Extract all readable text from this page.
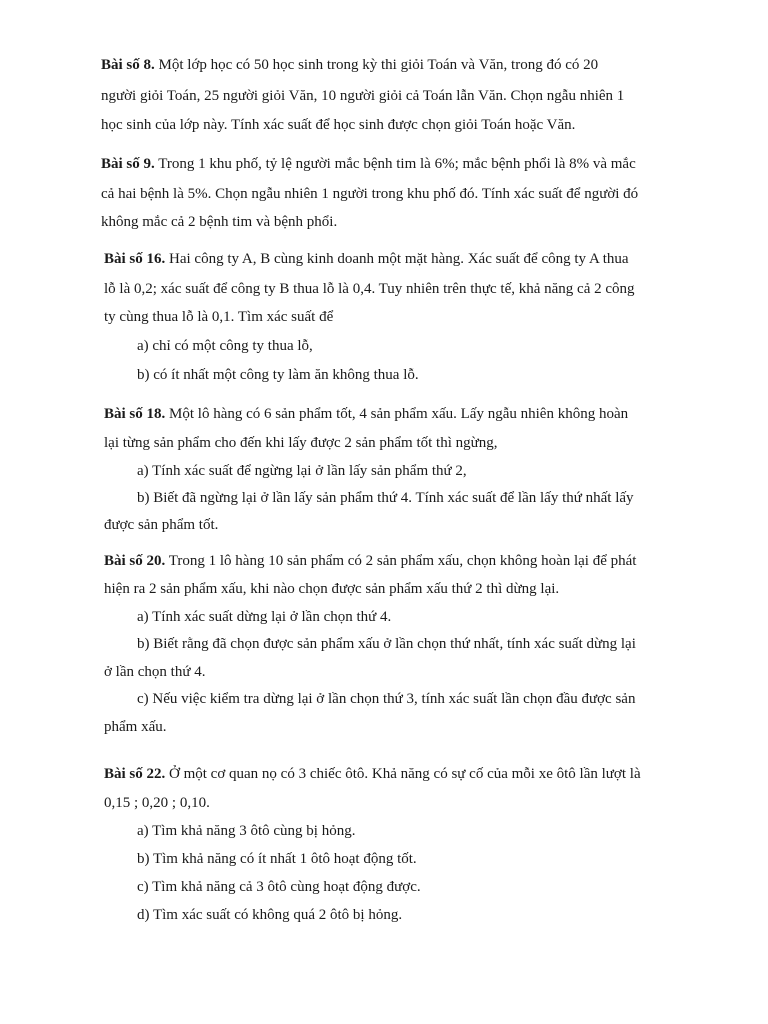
Bài số 8. Một lớp học có 50 học sinh trong kỳ thi giỏi Toán và Văn, trong đó có 20
người giỏi Toán, 25 người giỏi Văn, 10 người giỏi cả Toán lẫn Văn. Chọn ngẫu nhiên 1
học sinh của lớp này. Tính xác suất để học sinh được chọn giỏi Toán hoặc Văn.
Bài số 9. Trong 1 khu phố, tỷ lệ người mắc bệnh tim là 6%; mắc bệnh phổi là 8% và mắc
cả hai bệnh là 5%. Chọn ngẫu nhiên 1 người trong khu phố đó. Tính xác suất để người đó
không mắc cả 2 bệnh tim và bệnh phổi.
Bài số 16. Hai công ty A, B cùng kinh doanh một mặt hàng. Xác suất để công ty A thua
lỗ là 0,2; xác suất để công ty B thua lỗ là 0,4. Tuy nhiên trên thực tế, khả năng cả 2 công
ty cùng thua lỗ là 0,1. Tìm xác suất để
a) chỉ có một công ty thua lỗ,
b) có ít nhất một công ty làm ăn không thua lỗ.
Bài số 18. Một lô hàng có 6 sản phẩm tốt, 4 sản phẩm xấu. Lấy ngẫu nhiên không hoàn
lại từng sản phẩm cho đến khi lấy được 2 sản phẩm tốt thì ngừng,
a) Tính xác suất để ngừng lại ở lần lấy sản phẩm thứ 2,
b) Biết đã ngừng lại ở lần lấy sản phẩm thứ 4. Tính xác suất để lần lấy thứ nhất lấy
được sản phẩm tốt.
Bài số 20. Trong 1 lô hàng 10 sản phẩm có 2 sản phẩm xấu, chọn không hoàn lại để phát
hiện ra 2 sản phẩm xấu, khi nào chọn được sản phẩm xấu thứ 2 thì dừng lại.
a) Tính xác suất dừng lại ở lần chọn thứ 4.
b) Biết rằng đã chọn được sản phẩm xấu ở lần chọn thứ nhất, tính xác suất dừng lại
ở lần chọn thứ 4.
c) Nếu việc kiểm tra dừng lại ở lần chọn thứ 3, tính xác suất lần chọn đầu được sản
phẩm xấu.
Bài số 22. Ở một cơ quan nọ có 3 chiếc ôtô. Khả năng có sự cố của mỗi xe ôtô lần lượt là
0,15 ; 0,20 ; 0,10.
a) Tìm khả năng 3 ôtô cùng bị hỏng.
b) Tìm khả năng có ít nhất 1 ôtô hoạt động tốt.
c) Tìm khả năng cả 3 ôtô cùng hoạt động được.
d) Tìm xác suất có không quá 2 ôtô bị hỏng.
